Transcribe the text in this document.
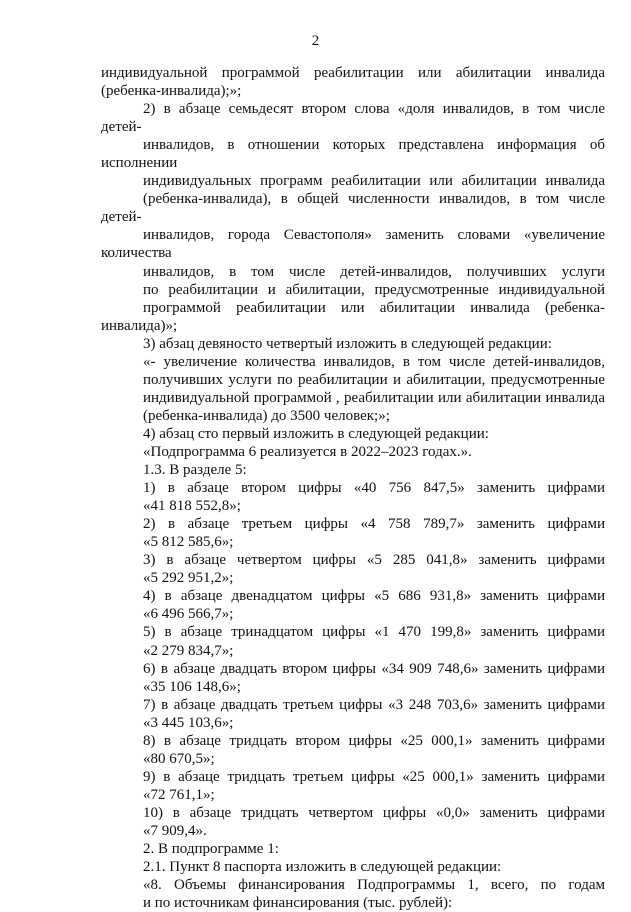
2
индивидуальной программой реабилитации или абилитации инвалида
(ребенка-инвалида);»;
2) в абзаце семьдесят втором слова «доля инвалидов, в том числе детей-
инвалидов, в отношении которых представлена информация об исполнении
индивидуальных программ реабилитации или абилитации инвалида
(ребенка-инвалида), в общей численности инвалидов, в том числе детей-
инвалидов, города Севастополя» заменить словами «увеличение количества
инвалидов, в том числе детей-инвалидов, получивших услуги
по реабилитации и абилитации, предусмотренные индивидуальной
программой реабилитации или абилитации инвалида (ребенка-инвалида)»;
3) абзац девяносто четвертый изложить в следующей редакции:
«- увеличение количества инвалидов, в том числе детей-инвалидов,
получивших услуги по реабилитации и абилитации, предусмотренные
индивидуальной программой , реабилитации или абилитации инвалида
(ребенка-инвалида) до 3500 человек;»;
4) абзац сто первый изложить в следующей редакции:
«Подпрограмма 6 реализуется в 2022–2023 годах.».
1.3. В разделе 5:
1) в абзаце втором цифры «40 756 847,5» заменить цифрами
«41 818 552,8»;
2) в абзаце третьем цифры «4 758 789,7» заменить цифрами
«5 812 585,6»;
3) в абзаце четвертом цифры «5 285 041,8» заменить цифрами
«5 292 951,2»;
4) в абзаце двенадцатом цифры «5 686 931,8» заменить цифрами
«6 496 566,7»;
5) в абзаце тринадцатом цифры «1 470 199,8» заменить цифрами
«2 279 834,7»;
6) в абзаце двадцать втором цифры «34 909 748,6» заменить цифрами
«35 106 148,6»;
7) в абзаце двадцать третьем цифры «3 248 703,6» заменить цифрами
«3 445 103,6»;
8) в абзаце тридцать втором цифры «25 000,1» заменить цифрами
«80 670,5»;
9) в абзаце тридцать третьем цифры «25 000,1» заменить цифрами
«72 761,1»;
10) в абзаце тридцать четвертом цифры «0,0» заменить цифрами
«7 909,4».
2. В подпрограмме 1:
2.1. Пункт 8 паспорта изложить в следующей редакции:
«8. Объемы финансирования Подпрограммы 1, всего, по годам
и по источникам финансирования (тыс. рублей):
